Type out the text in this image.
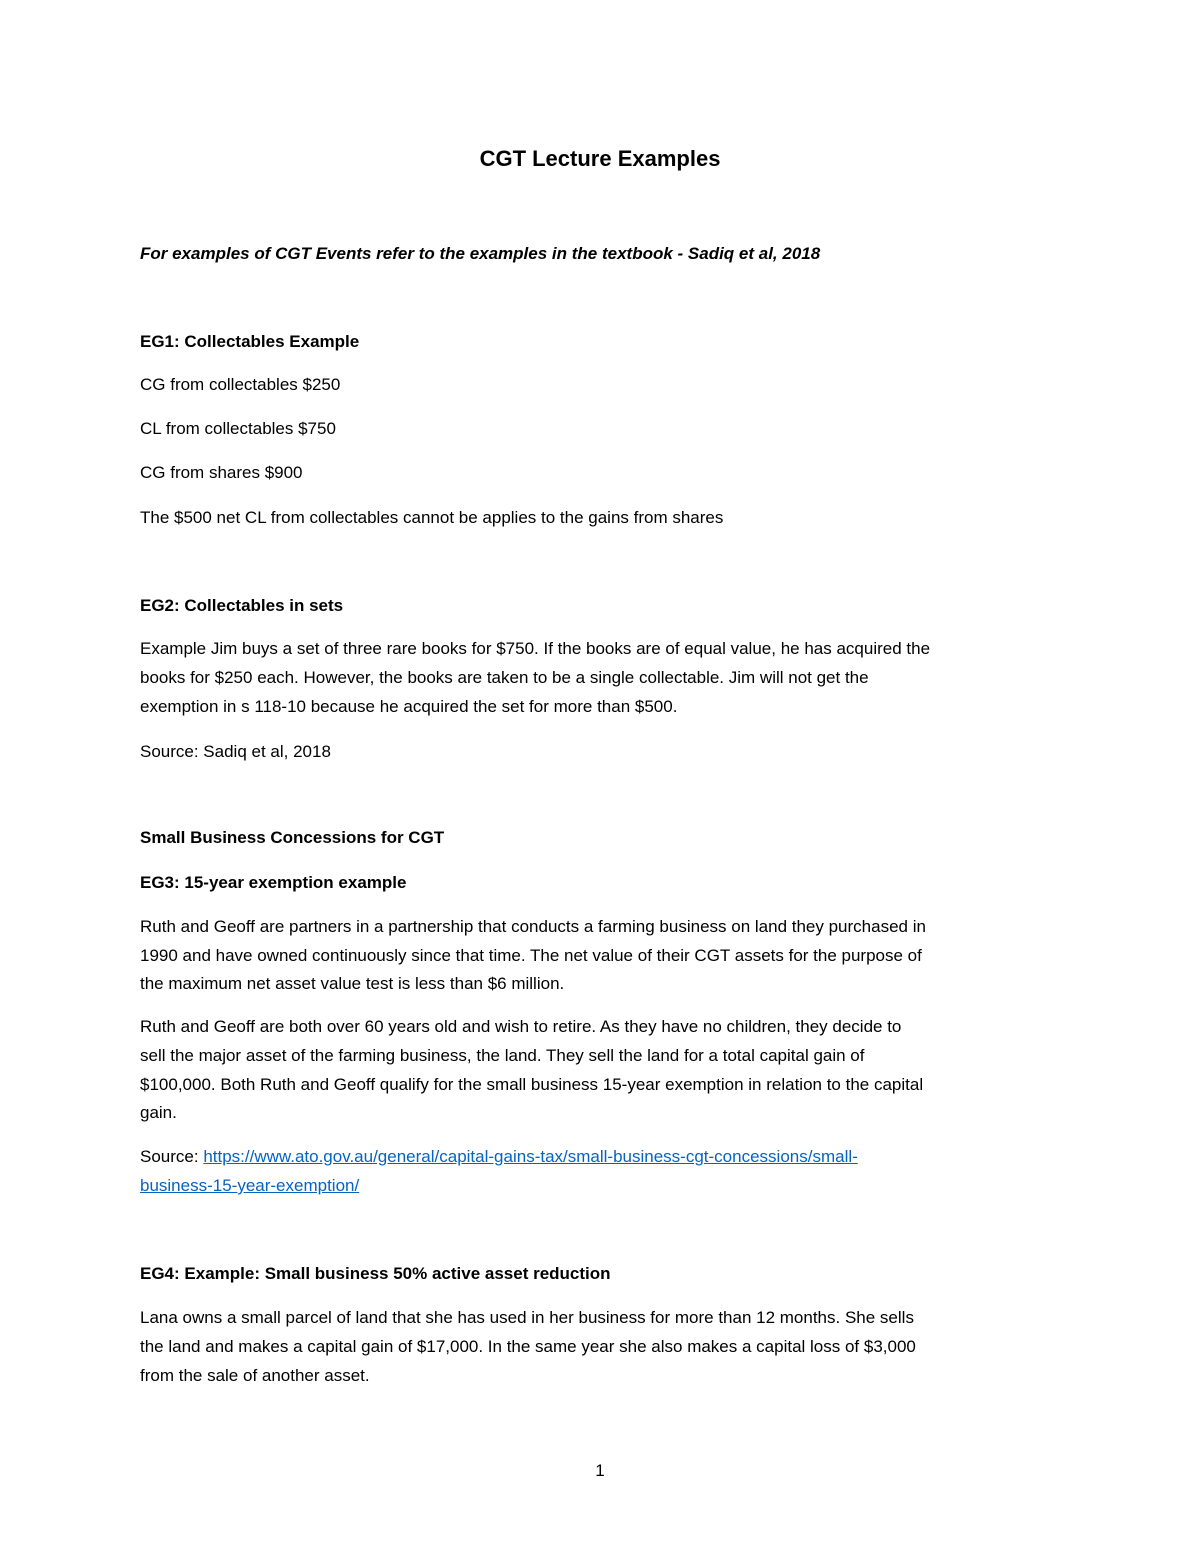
CGT Lecture Examples

For examples of CGT Events refer to the examples in the textbook - Sadiq et al, 2018

EG1: Collectables Example

CG from collectables $250

CL from collectables $750

CG from shares $900

The $500 net CL from collectables cannot be applies to the gains from shares

EG2: Collectables in sets

Example Jim buys a set of three rare books for $750. If the books are of equal value, he has acquired the

books for $250 each. However, the books are taken to be a single collectable. Jim will not get the

exemption in s 118-10 because he acquired the set for more than $500.

Source: Sadiq et al, 2018

Small Business Concessions for CGT

EG3: 15-year exemption example

Ruth and Geoff are partners in a partnership that conducts a farming business on land they purchased in

1990 and have owned continuously since that time. The net value of their CGT assets for the purpose of

the maximum net asset value test is less than $6 million.

Ruth and Geoff are both over 60 years old and wish to retire. As they have no children, they decide to

sell the major asset of the farming business, the land. They sell the land for a total capital gain of

$100,000. Both Ruth and Geoff qualify for the small business 15-year exemption in relation to the capital

gain.

Source: https://www.ato.gov.au/general/capital-gains-tax/small-business-cgt-concessions/small-

business-15-year-exemption/

EG4: Example: Small business 50% active asset reduction

Lana owns a small parcel of land that she has used in her business for more than 12 months. She sells

the land and makes a capital gain of $17,000. In the same year she also makes a capital loss of $3,000

from the sale of another asset.

1
